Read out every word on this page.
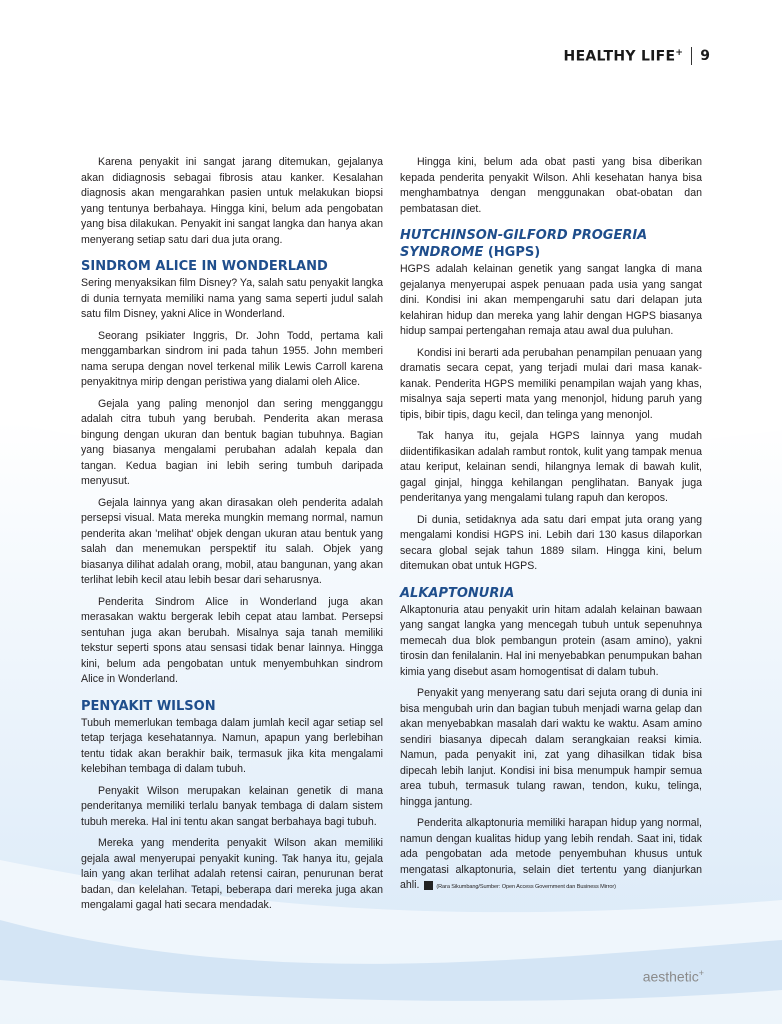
HEALTHY LIFE+ 9

Karena penyakit ini sangat jarang ditemukan, gejalanya akan didiagnosis sebagai fibrosis atau kanker. Kesalahan diagnosis akan mengarahkan pasien untuk melakukan biopsi yang tentunya berbahaya. Hingga kini, belum ada pengobatan yang bisa dilakukan. Penyakit ini sangat langka dan hanya akan menyerang setiap satu dari dua juta orang.

SINDROM ALICE IN WONDERLAND

Sering menyaksikan film Disney? Ya, salah satu penyakit langka di dunia ternyata memiliki nama yang sama seperti judul salah satu film Disney, yakni Alice in Wonderland.

Seorang psikiater Inggris, Dr. John Todd, pertama kali menggambarkan sindrom ini pada tahun 1955. John memberi nama serupa dengan novel terkenal milik Lewis Carroll karena penyakitnya mirip dengan peristiwa yang dialami oleh Alice.

Gejala yang paling menonjol dan sering mengganggu adalah citra tubuh yang berubah. Penderita akan merasa bingung dengan ukuran dan bentuk bagian tubuhnya. Bagian yang biasanya mengalami perubahan adalah kepala dan tangan. Kedua bagian ini lebih sering tumbuh daripada menyusut.

Gejala lainnya yang akan dirasakan oleh penderita adalah persepsi visual. Mata mereka mungkin memang normal, namun penderita akan 'melihat' objek dengan ukuran atau bentuk yang salah dan menemukan perspektif itu salah. Objek yang biasanya dilihat adalah orang, mobil, atau bangunan, yang akan terlihat lebih kecil atau lebih besar dari seharusnya.

Penderita Sindrom Alice in Wonderland juga akan merasakan waktu bergerak lebih cepat atau lambat. Persepsi sentuhan juga akan berubah. Misalnya saja tanah memiliki tekstur seperti spons atau sensasi tidak benar lainnya. Hingga kini, belum ada pengobatan untuk menyembuhkan sindrom Alice in Wonderland.

PENYAKIT WILSON

Tubuh memerlukan tembaga dalam jumlah kecil agar setiap sel tetap terjaga kesehatannya. Namun, apapun yang berlebihan tentu tidak akan berakhir baik, termasuk jika kita mengalami kelebihan tembaga di dalam tubuh.

Penyakit Wilson merupakan kelainan genetik di mana penderitanya memiliki terlalu banyak tembaga di dalam sistem tubuh mereka. Hal ini tentu akan sangat berbahaya bagi tubuh.

Mereka yang menderita penyakit Wilson akan memiliki gejala awal menyerupai penyakit kuning. Tak hanya itu, gejala lain yang akan terlihat adalah retensi cairan, penurunan berat badan, dan kelelahan. Tetapi, beberapa dari mereka juga akan mengalami gagal hati secara mendadak.

Hingga kini, belum ada obat pasti yang bisa diberikan kepada penderita penyakit Wilson. Ahli kesehatan hanya bisa menghambatnya dengan menggunakan obat-obatan dan pembatasan diet.

HUTCHINSON-GILFORD PROGERIA SYNDROME (HGPS)

HGPS adalah kelainan genetik yang sangat langka di mana gejalanya menyerupai aspek penuaan pada usia yang sangat dini. Kondisi ini akan mempengaruhi satu dari delapan juta kelahiran hidup dan mereka yang lahir dengan HGPS biasanya hidup sampai pertengahan remaja atau awal dua puluhan.

Kondisi ini berarti ada perubahan penampilan penuaan yang dramatis secara cepat, yang terjadi mulai dari masa kanak-kanak. Penderita HGPS memiliki penampilan wajah yang khas, misalnya saja seperti mata yang menonjol, hidung paruh yang tipis, bibir tipis, dagu kecil, dan telinga yang menonjol.

Tak hanya itu, gejala HGPS lainnya yang mudah diidentifikasikan adalah rambut rontok, kulit yang tampak menua atau keriput, kelainan sendi, hilangnya lemak di bawah kulit, gagal ginjal, hingga kehilangan penglihatan. Banyak juga penderitanya yang mengalami tulang rapuh dan keropos.

Di dunia, setidaknya ada satu dari empat juta orang yang mengalami kondisi HGPS ini. Lebih dari 130 kasus dilaporkan secara global sejak tahun 1889 silam. Hingga kini, belum ditemukan obat untuk HGPS.

ALKAPTONURIA

Alkaptonuria atau penyakit urin hitam adalah kelainan bawaan yang sangat langka yang mencegah tubuh untuk sepenuhnya memecah dua blok pembangun protein (asam amino), yakni tirosin dan fenilalanin. Hal ini menyebabkan penumpukan bahan kimia yang disebut asam homogentisat di dalam tubuh.

Penyakit yang menyerang satu dari sejuta orang di dunia ini bisa mengubah urin dan bagian tubuh menjadi warna gelap dan akan menyebabkan masalah dari waktu ke waktu. Asam amino sendiri biasanya dipecah dalam serangkaian reaksi kimia. Namun, pada penyakit ini, zat yang dihasilkan tidak bisa dipecah lebih lanjut. Kondisi ini bisa menumpuk hampir semua area tubuh, termasuk tulang rawan, tendon, kuku, telinga, hingga jantung.

Penderita alkaptonuria memiliki harapan hidup yang normal, namun dengan kualitas hidup yang lebih rendah. Saat ini, tidak ada pengobatan ada metode penyembuhan khusus untuk mengatasi alkaptonuria, selain diet tertentu yang dianjurkan ahli.	(Rara Sikumbang/Sumber: Open Access Government dan Business Mirror)

aesthetic+
